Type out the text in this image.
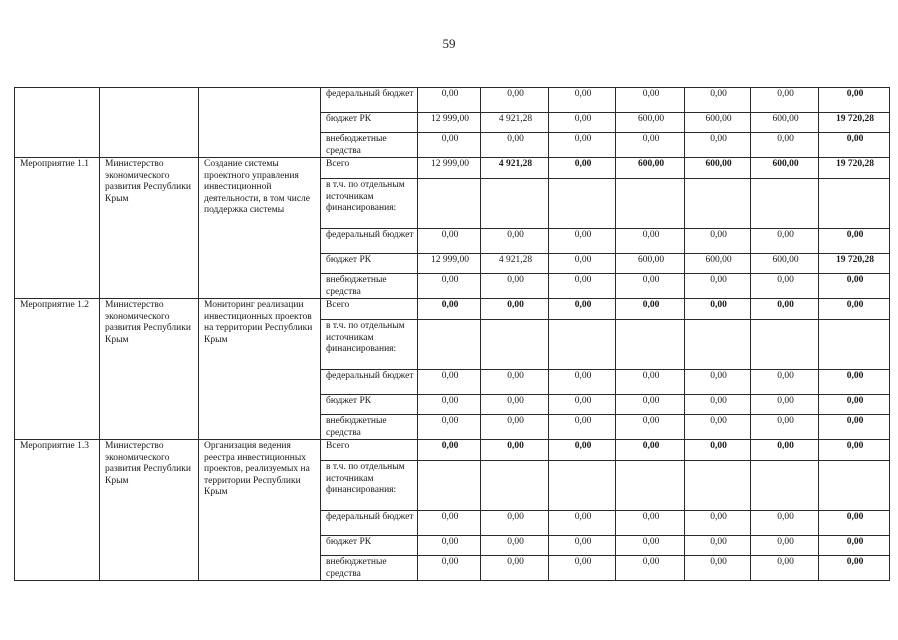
59
			федеральный бюджет	0,00	0,00	0,00	0,00	0,00	0,00	0,00
			бюджет РК	12 999,00	4 921,28	0,00	600,00	600,00	600,00	19 720,28
			внебюджетные средства	0,00	0,00	0,00	0,00	0,00	0,00	0,00
Мероприятие 1.1	Министерство экономического развития Республики Крым	Создание системы проектного управления инвестиционной деятельности, в том числе поддержка системы	Всего	12 999,00	4 921,28	0,00	600,00	600,00	600,00	19 720,28
			в т.ч. по отдельным источникам финансирования:							
			федеральный бюджет	0,00	0,00	0,00	0,00	0,00	0,00	0,00
			бюджет РК	12 999,00	4 921,28	0,00	600,00	600,00	600,00	19 720,28
			внебюджетные средства	0,00	0,00	0,00	0,00	0,00	0,00	0,00
Мероприятие 1.2	Министерство экономического развития Республики Крым	Мониторинг реализации инвестиционных проектов на территории Республики Крым	Всего	0,00	0,00	0,00	0,00	0,00	0,00	0,00
			в т.ч. по отдельным источникам финансирования:							
			федеральный бюджет	0,00	0,00	0,00	0,00	0,00	0,00	0,00
			бюджет РК	0,00	0,00	0,00	0,00	0,00	0,00	0,00
			внебюджетные средства	0,00	0,00	0,00	0,00	0,00	0,00	0,00
Мероприятие 1.3	Министерство экономического развития Республики Крым	Организация ведения реестра инвестиционных проектов, реализуемых на территории Республики Крым	Всего	0,00	0,00	0,00	0,00	0,00	0,00	0,00
			в т.ч. по отдельным источникам финансирования:							
			федеральный бюджет	0,00	0,00	0,00	0,00	0,00	0,00	0,00
			бюджет РК	0,00	0,00	0,00	0,00	0,00	0,00	0,00
			внебюджетные средства	0,00	0,00	0,00	0,00	0,00	0,00	0,00
